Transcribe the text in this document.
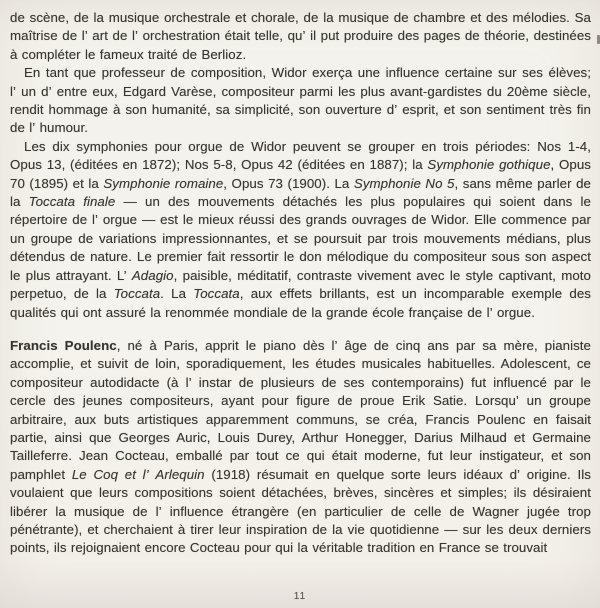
de scène, de la musique orchestrale et chorale, de la musique de chambre et des mélodies. Sa maîtrise de l’ art de l’ orchestration était telle, qu’ il put produire des pages de théorie, destinées à compléter le fameux traité de Berlioz.

En tant que professeur de composition, Widor exerça une influence certaine sur ses élèves; l’ un d’ entre eux, Edgard Varèse, compositeur parmi les plus avant-gardistes du 20ème siècle, rendit hommage à son humanité, sa simplicité, son ouverture d’ esprit, et son sentiment très fin de l’ humour.

Les dix symphonies pour orgue de Widor peuvent se grouper en trois périodes: Nos 1-4, Opus 13, (éditées en 1872); Nos 5-8, Opus 42 (éditées en 1887); la Symphonie gothique, Opus 70 (1895) et la Symphonie romaine, Opus 73 (1900). La Symphonie No 5, sans même parler de la Toccata finale — un des mouvements détachés les plus populaires qui soient dans le répertoire de l’ orgue — est le mieux réussi des grands ouvrages de Widor. Elle commence par un groupe de variations impressionnantes, et se poursuit par trois mouvements médians, plus détendus de nature. Le premier fait ressortir le don mélodique du compositeur sous son aspect le plus attrayant. L’ Adagio, paisible, méditatif, contraste vivement avec le style captivant, moto perpetuo, de la Toccata. La Toccata, aux effets brillants, est un incomparable exemple des qualités qui ont assuré la renommée mondiale de la grande école française de l’ orgue.

Francis Poulenc, né à Paris, apprit le piano dès l’ âge de cinq ans par sa mère, pianiste accomplie, et suivit de loin, sporadiquement, les études musicales habituelles. Adolescent, ce compositeur autodidacte (à l’ instar de plusieurs de ses contemporains) fut influencé par le cercle des jeunes compositeurs, ayant pour figure de proue Erik Satie. Lorsqu’ un groupe arbitraire, aux buts artistiques apparemment communs, se créa, Francis Poulenc en faisait partie, ainsi que Georges Auric, Louis Durey, Arthur Honegger, Darius Milhaud et Germaine Tailleferre. Jean Cocteau, emballé par tout ce qui était moderne, fut leur instigateur, et son pamphlet Le Coq et l’ Arlequin (1918) résumait en quelque sorte leurs idéaux d’ origine. Ils voulaient que leurs compositions soient détachées, brèves, sincères et simples; ils désiraient libérer la musique de l’ influence étrangère (en particulier de celle de Wagner jugée trop pénétrante), et cherchaient à tirer leur inspiration de la vie quotidienne — sur les deux derniers points, ils rejoignaient encore Cocteau pour qui la véritable tradition en France se trouvait

11
